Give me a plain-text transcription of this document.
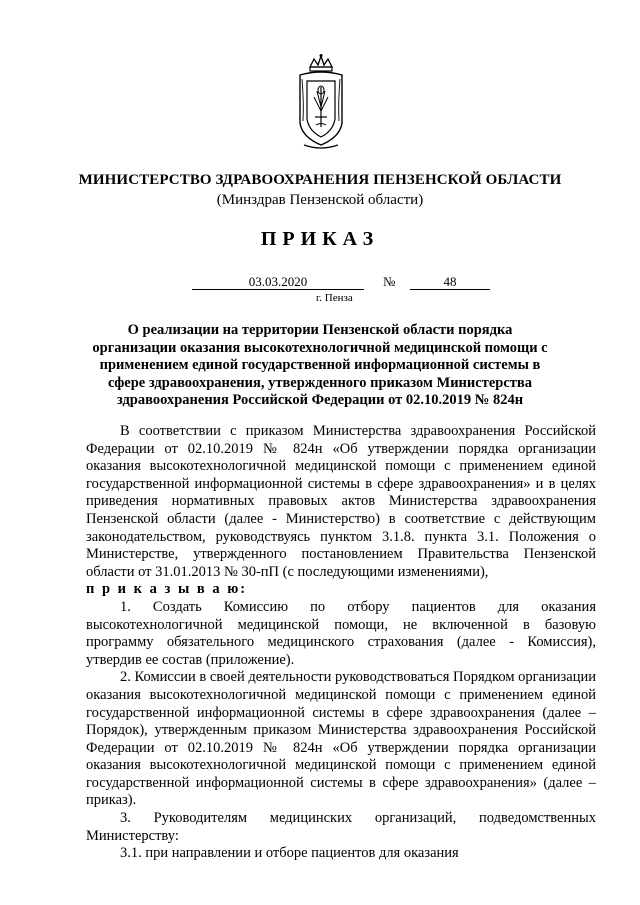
МИНИСТЕРСТВО ЗДРАВООХРАНЕНИЯ ПЕНЗЕНСКОЙ ОБЛАСТИ
(Минздрав Пензенской области)
ПРИКАЗ
03.03.2020	№	48
г. Пенза
О реализации на территории Пензенской области порядка организации оказания высокотехнологичной медицинской помощи с применением единой государственной информационной системы в сфере здравоохранения, утвержденного приказом Министерства здравоохранения Российской Федерации от 02.10.2019 № 824н

В соответствии с приказом Министерства здравоохранения Российской Федерации от 02.10.2019 № 824н «Об утверждении порядка организации оказания высокотехнологичной медицинской помощи с применением единой государственной информационной системы в сфере здравоохранения» и в целях приведения нормативных правовых актов Министерства здравоохранения Пензенской области (далее - Министерство) в соответствие с действующим законодательством, руководствуясь пунктом 3.1.8. пункта 3.1. Положения о Министерстве, утвержденного постановлением Правительства Пензенской области от 31.01.2013 № 30-пП (с последующими изменениями),

п р и к а з ы в а ю:

1. Создать Комиссию по отбору пациентов для оказания высокотехнологичной медицинской помощи, не включенной в базовую программу обязательного медицинского страхования (далее - Комиссия), утвердив ее состав (приложение).

2. Комиссии в своей деятельности руководствоваться Порядком организации оказания высокотехнологичной медицинской помощи с применением единой государственной информационной системы в сфере здравоохранения (далее – Порядок), утвержденным приказом Министерства здравоохранения Российской Федерации от 02.10.2019 № 824н «Об утверждении порядка организации оказания высокотехнологичной медицинской помощи с применением единой государственной информационной системы в сфере здравоохранения» (далее – приказ).

3. Руководителям медицинских организаций, подведомственных Министерству:

3.1. при направлении и отборе пациентов для оказания
